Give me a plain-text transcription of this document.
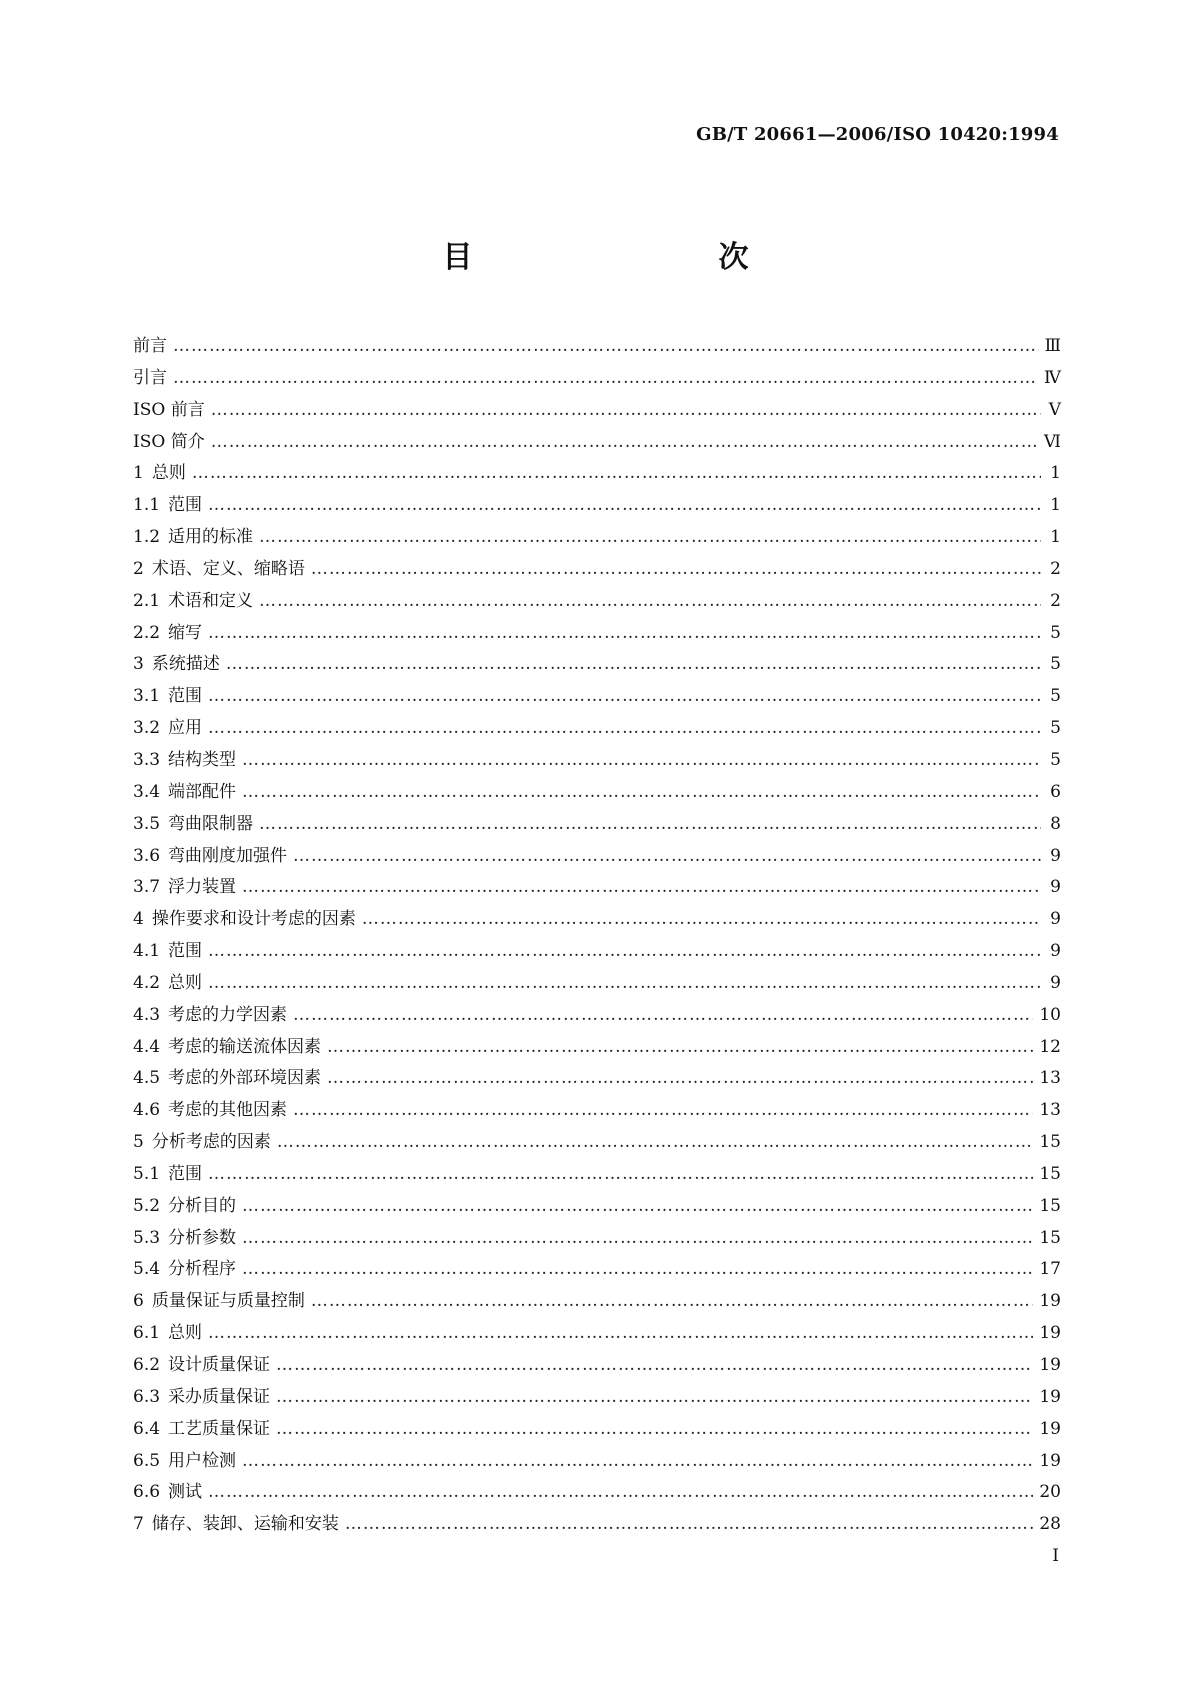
GB/T 20661—2006/ISO 10420:1994
目　　次
前言 ……………………………………………………………………………………………………………………………………………………………………………………………………………………………………	Ⅲ
引言 ……………………………………………………………………………………………………………………………………………………………………………………………………………………………………	Ⅳ
ISO 前言 ……………………………………………………………………………………………………………………………………………………………………………………………………………………………………	Ⅴ
ISO 简介 ……………………………………………………………………………………………………………………………………………………………………………………………………………………………………	Ⅵ
1 总则 ……………………………………………………………………………………………………………………………………………………………………………………………………………………………………	1
1.1 范围 ……………………………………………………………………………………………………………………………………………………………………………………………………………………………………	1
1.2 适用的标准 ……………………………………………………………………………………………………………………………………………………………………………………………………………………………………	1
2 术语、定义、缩略语 ……………………………………………………………………………………………………………………………………………………………………………………………………………………………………	2
2.1 术语和定义 ……………………………………………………………………………………………………………………………………………………………………………………………………………………………………	2
2.2 缩写 ……………………………………………………………………………………………………………………………………………………………………………………………………………………………………	5
3 系统描述 ……………………………………………………………………………………………………………………………………………………………………………………………………………………………………	5
3.1 范围 ……………………………………………………………………………………………………………………………………………………………………………………………………………………………………	5
3.2 应用 ……………………………………………………………………………………………………………………………………………………………………………………………………………………………………	5
3.3 结构类型 ……………………………………………………………………………………………………………………………………………………………………………………………………………………………………	5
3.4 端部配件 ……………………………………………………………………………………………………………………………………………………………………………………………………………………………………	6
3.5 弯曲限制器 ……………………………………………………………………………………………………………………………………………………………………………………………………………………………………	8
3.6 弯曲刚度加强件 ……………………………………………………………………………………………………………………………………………………………………………………………………………………………………	9
3.7 浮力装置 ……………………………………………………………………………………………………………………………………………………………………………………………………………………………………	9
4 操作要求和设计考虑的因素 ……………………………………………………………………………………………………………………………………………………………………………………………………………………………………	9
4.1 范围 ……………………………………………………………………………………………………………………………………………………………………………………………………………………………………	9
4.2 总则 ……………………………………………………………………………………………………………………………………………………………………………………………………………………………………	9
4.3 考虑的力学因素 ……………………………………………………………………………………………………………………………………………………………………………………………………………………………………	10
4.4 考虑的输送流体因素 ……………………………………………………………………………………………………………………………………………………………………………………………………………………………………	12
4.5 考虑的外部环境因素 ……………………………………………………………………………………………………………………………………………………………………………………………………………………………………	13
4.6 考虑的其他因素 ……………………………………………………………………………………………………………………………………………………………………………………………………………………………………	13
5 分析考虑的因素 ……………………………………………………………………………………………………………………………………………………………………………………………………………………………………	15
5.1 范围 ……………………………………………………………………………………………………………………………………………………………………………………………………………………………………	15
5.2 分析目的 ……………………………………………………………………………………………………………………………………………………………………………………………………………………………………	15
5.3 分析参数 ……………………………………………………………………………………………………………………………………………………………………………………………………………………………………	15
5.4 分析程序 ……………………………………………………………………………………………………………………………………………………………………………………………………………………………………	17
6 质量保证与质量控制 ……………………………………………………………………………………………………………………………………………………………………………………………………………………………………	19
6.1 总则 ……………………………………………………………………………………………………………………………………………………………………………………………………………………………………	19
6.2 设计质量保证 ……………………………………………………………………………………………………………………………………………………………………………………………………………………………………	19
6.3 采办质量保证 ……………………………………………………………………………………………………………………………………………………………………………………………………………………………………	19
6.4 工艺质量保证 ……………………………………………………………………………………………………………………………………………………………………………………………………………………………………	19
6.5 用户检测 ……………………………………………………………………………………………………………………………………………………………………………………………………………………………………	19
6.6 测试 ……………………………………………………………………………………………………………………………………………………………………………………………………………………………………	20
7 储存、装卸、运输和安装 ……………………………………………………………………………………………………………………………………………………………………………………………………………………………………	28
Ⅰ
